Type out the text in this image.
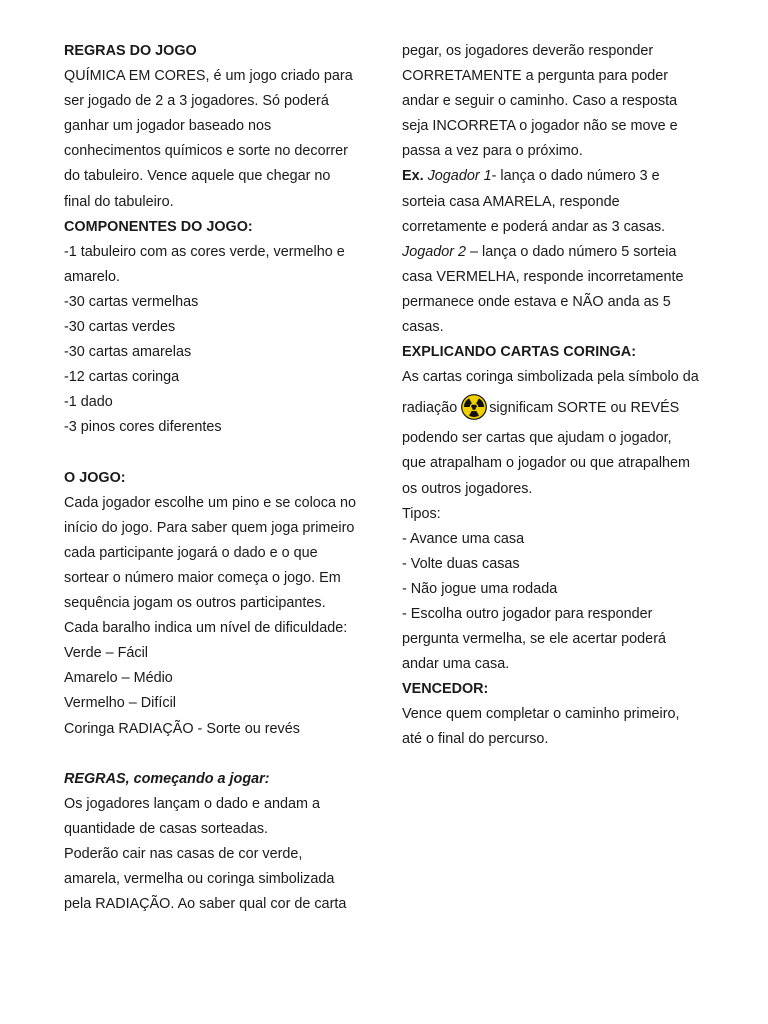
REGRAS DO JOGO
QUÍMICA EM CORES, é um jogo criado para
ser jogado de 2 a 3 jogadores. Só poderá
ganhar um jogador baseado nos
conhecimentos químicos e sorte no decorrer
do tabuleiro. Vence aquele que chegar no
final do tabuleiro.
COMPONENTES DO JOGO:
-1 tabuleiro com as cores verde, vermelho e
amarelo.
-30 cartas vermelhas
-30 cartas verdes
-30 cartas amarelas
-12 cartas coringa
-1 dado
-3 pinos cores diferentes
O JOGO:
Cada jogador escolhe um pino e se coloca no
início do jogo. Para saber quem joga primeiro
cada participante jogará o dado e o que
sortear o número maior começa o jogo. Em
sequência jogam os outros participantes.
Cada baralho indica um nível de dificuldade:
Verde – Fácil
Amarelo – Médio
Vermelho – Difícil
Coringa RADIAÇÃO - Sorte ou revés
REGRAS, começando a jogar:
Os jogadores lançam o dado e andam a
quantidade de casas sorteadas.
Poderão cair nas casas de cor verde,
amarela, vermelha ou coringa simbolizada
pela RADIAÇÃO. Ao saber qual cor de carta
pegar, os jogadores deverão responder
CORRETAMENTE a pergunta para poder
andar e seguir o caminho. Caso a resposta
seja INCORRETA o jogador não se move e
passa a vez para o próximo.
Ex. Jogador 1- lança o dado número 3 e
sorteia casa AMARELA, responde
corretamente e poderá andar as 3 casas.
Jogador 2 – lança o dado número 5 sorteia
casa VERMELHA, responde incorretamente
permanece onde estava e NÃO anda as 5
casas.
EXPLICANDO CARTAS CORINGA:
As cartas coringa simbolizada pela símbolo da
radiação significam SORTE ou REVÉS
podendo ser cartas que ajudam o jogador,
que atrapalham o jogador ou que atrapalhem
os outros jogadores.
Tipos:
- Avance uma casa
- Volte duas casas
- Não jogue uma rodada
- Escolha outro jogador para responder
pergunta vermelha, se ele acertar poderá
andar uma casa.
VENCEDOR:
Vence quem completar o caminho primeiro,
até o final do percurso.
